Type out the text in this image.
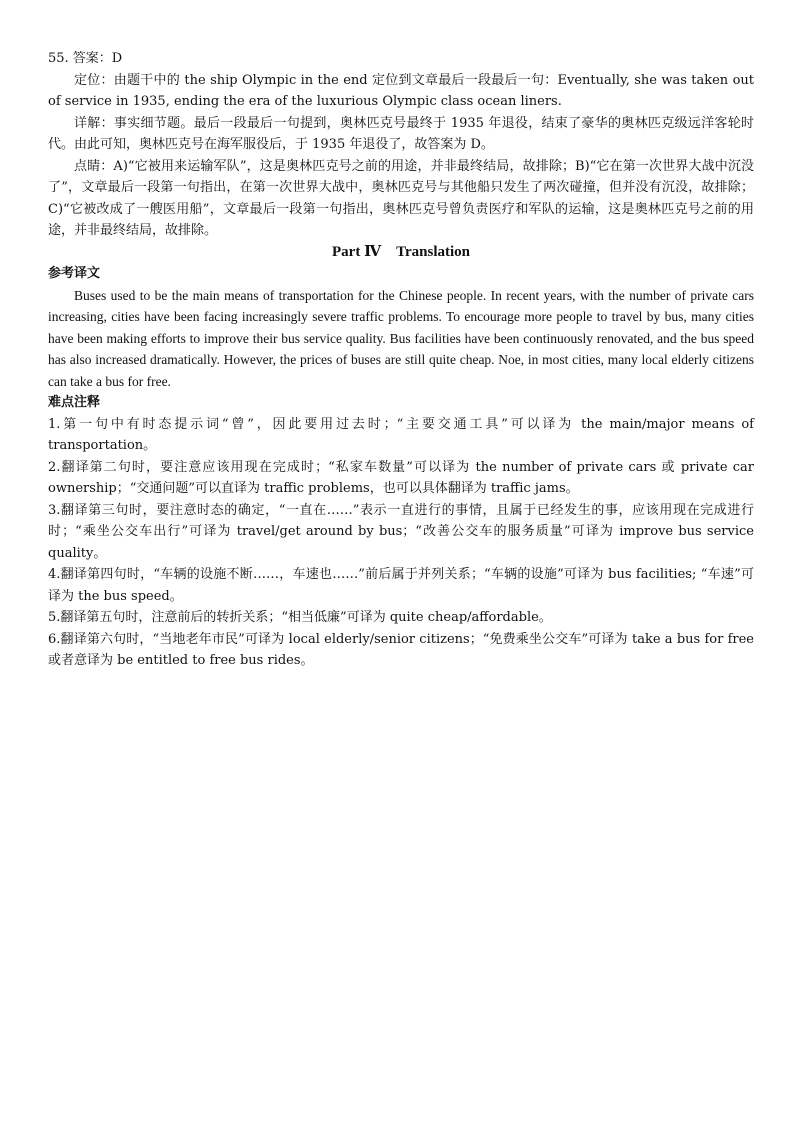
55. 答案：D

定位：由题干中的 the ship Olympic in the end 定位到文章最后一段最后一句：Eventually, she was taken out of service in 1935, ending the era of the luxurious Olympic class ocean liners.

详解：事实细节题。最后一段最后一句提到，奥林匹克号最终于 1935 年退役，结束了豪华的奥林匹克级远洋客轮时代。由此可知，奥林匹克号在海军服役后，于 1935 年退役了，故答案为 D。

点睛：A)“它被用来运输军队”，这是奥林匹克号之前的用途，并非最终结局，故排除；B)“它在第一次世界大战中沉没了”，文章最后一段第一句指出，在第一次世界大战中，奥林匹克号与其他船只发生了两次碰撞，但并没有沉没，故排除；C)“它被改成了一艘医用船”，文章最后一段第一句指出，奥林匹克号曾负责医疗和军队的运输，这是奥林匹克号之前的用途，并非最终结局，故排除。

Part Ⅳ　Translation

参考译文

Buses used to be the main means of transportation for the Chinese people. In recent years, with the number of private cars increasing, cities have been facing increasingly severe traffic problems. To encourage more people to travel by bus, many cities have been making efforts to improve their bus service quality. Bus facilities have been continuously renovated, and the bus speed has also increased dramatically. However, the prices of buses are still quite cheap. Noe, in most cities, many local elderly citizens can take a bus for free.

难点注释

1.第一句中有时态提示词“曾”，因此要用过去时；“主要交通工具”可以译为 the main/major means of transportation。

2.翻译第二句时，要注意应该用现在完成时；“私家车数量”可以译为 the number of private cars 或 private car ownership；“交通问题”可以直译为 traffic problems，也可以具体翻译为 traffic jams。

3.翻译第三句时，要注意时态的确定，“一直在……”表示一直进行的事情，且属于已经发生的事，应该用现在完成进行时；“乘坐公交车出行”可译为 travel/get around by bus；“改善公交车的服务质量”可译为 improve bus service quality。

4.翻译第四句时，“车辆的设施不断……，车速也……”前后属于并列关系；“车辆的设施”可译为 bus facilities; “车速”可译为 the bus speed。

5.翻译第五句时，注意前后的转折关系；“相当低廉”可译为 quite cheap/affordable。

6.翻译第六句时，“当地老年市民”可译为 local elderly/senior citizens；“免费乘坐公交车”可译为 take a bus for free 或者意译为 be entitled to free bus rides。
